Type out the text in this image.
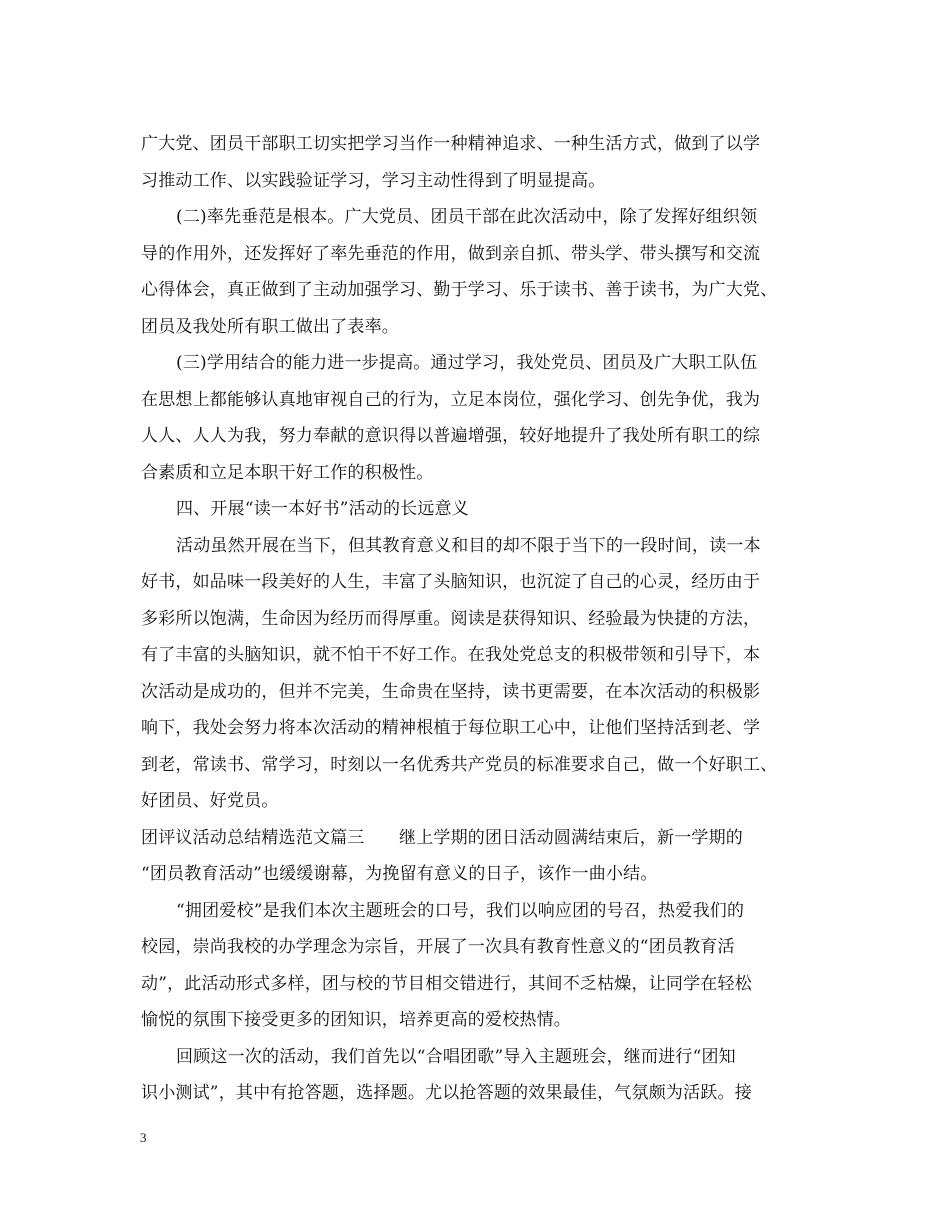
广大党、团员干部职工切实把学习当作一种精神追求、一种生活方式，做到了以学
习推动工作、以实践验证学习，学习主动性得到了明显提高。
(二)率先垂范是根本。广大党员、团员干部在此次活动中，除了发挥好组织领
导的作用外，还发挥好了率先垂范的作用，做到亲自抓、带头学、带头撰写和交流
心得体会，真正做到了主动加强学习、勤于学习、乐于读书、善于读书，为广大党、
团员及我处所有职工做出了表率。
(三)学用结合的能力进一步提高。通过学习，我处党员、团员及广大职工队伍
在思想上都能够认真地审视自己的行为，立足本岗位，强化学习、创先争优，我为
人人、人人为我，努力奉献的意识得以普遍增强，较好地提升了我处所有职工的综
合素质和立足本职干好工作的积极性。
四、开展“读一本好书”活动的长远意义
活动虽然开展在当下，但其教育意义和目的却不限于当下的一段时间，读一本
好书，如品味一段美好的人生，丰富了头脑知识，也沉淀了自己的心灵，经历由于
多彩所以饱满，生命因为经历而得厚重。阅读是获得知识、经验最为快捷的方法，
有了丰富的头脑知识，就不怕干不好工作。在我处党总支的积极带领和引导下，本
次活动是成功的，但并不完美，生命贵在坚持，读书更需要，在本次活动的积极影
响下，我处会努力将本次活动的精神根植于每位职工心中，让他们坚持活到老、学
到老，常读书、常学习，时刻以一名优秀共产党员的标准要求自己，做一个好职工、
好团员、好党员。
团评议活动总结精选范文篇三　　继上学期的团日活动圆满结束后，新一学期的
“团员教育活动”也缓缓谢幕，为挽留有意义的日子，该作一曲小结。
“拥团爱校”是我们本次主题班会的口号，我们以响应团的号召，热爱我们的
校园，崇尚我校的办学理念为宗旨，开展了一次具有教育性意义的“团员教育活
动”，此活动形式多样，团与校的节目相交错进行，其间不乏枯燥，让同学在轻松
愉悦的氛围下接受更多的团知识，培养更高的爱校热情。
回顾这一次的活动，我们首先以“合唱团歌”导入主题班会，继而进行“团知
识小测试”，其中有抢答题，选择题。尤以抢答题的效果最佳，气氛颇为活跃。接
3
